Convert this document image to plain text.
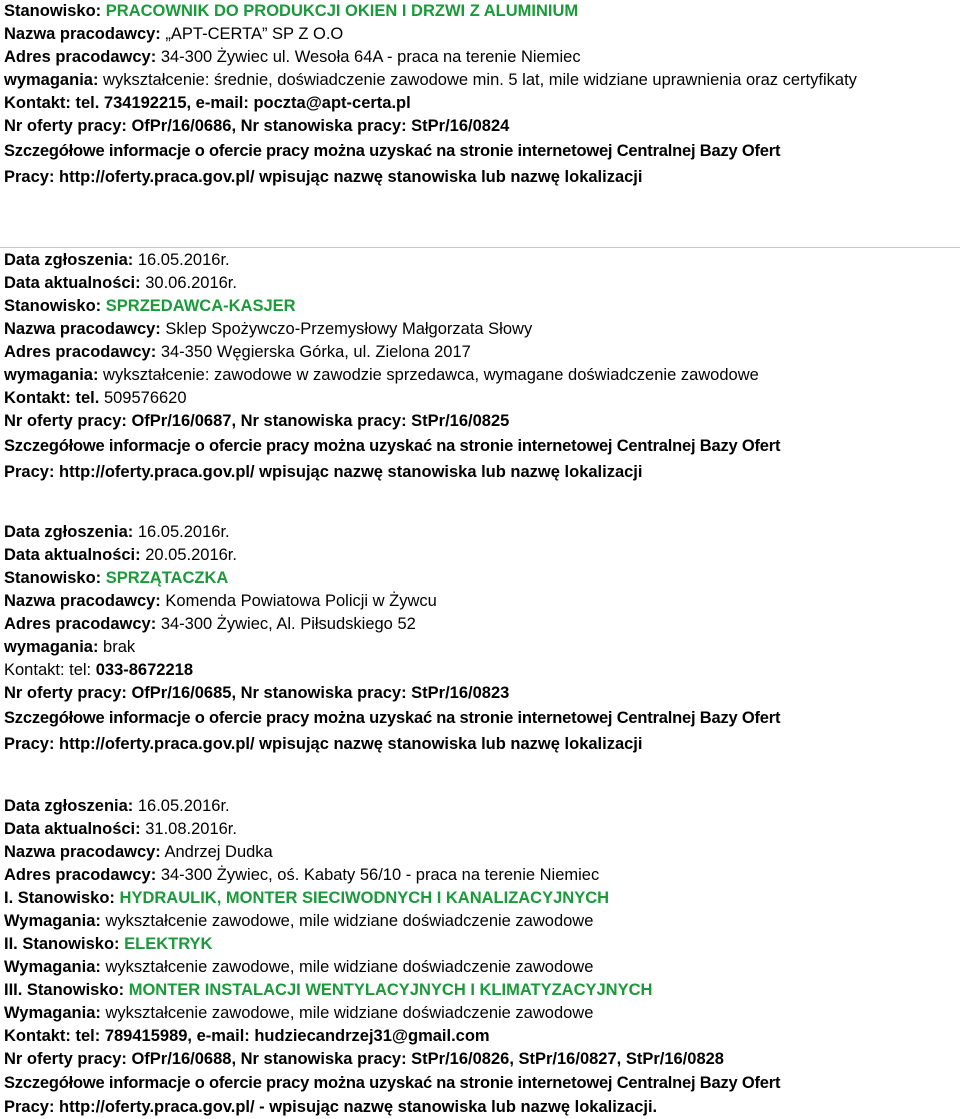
Stanowisko: PRACOWNIK DO PRODUKCJI OKIEN I DRZWI Z ALUMINIUM
Nazwa pracodawcy: „APT-CERTA” SP Z O.O
Adres pracodawcy: 34-300 Żywiec ul. Wesoła 64A - praca na terenie Niemiec
wymagania: wykształcenie: średnie, doświadczenie zawodowe min. 5 lat, mile widziane uprawnienia oraz certyfikaty
Kontakt: tel. 734192215, e-mail: poczta@apt-certa.pl
Nr oferty pracy: OfPr/16/0686, Nr stanowiska pracy: StPr/16/0824
Szczegółowe informacje o ofercie pracy można uzyskać na stronie internetowej Centralnej Bazy Ofert
Pracy: http://oferty.praca.gov.pl/ wpisując nazwę stanowiska lub nazwę lokalizacji
Data zgłoszenia: 16.05.2016r.
Data aktualności: 30.06.2016r.
Stanowisko: SPRZEDAWCA-KASJER
Nazwa pracodawcy: Sklep Spożywczo-Przemysłowy Małgorzata Słowy
Adres pracodawcy: 34-350 Węgierska Górka, ul. Zielona 2017
wymagania: wykształcenie: zawodowe w zawodzie sprzedawca, wymagane doświadczenie zawodowe
Kontakt: tel. 509576620
Nr oferty pracy: OfPr/16/0687, Nr stanowiska pracy: StPr/16/0825
Szczegółowe informacje o ofercie pracy można uzyskać na stronie internetowej Centralnej Bazy Ofert
Pracy: http://oferty.praca.gov.pl/ wpisując nazwę stanowiska lub nazwę lokalizacji
Data zgłoszenia: 16.05.2016r.
Data aktualności: 20.05.2016r.
Stanowisko: SPRZĄTACZKA
Nazwa pracodawcy: Komenda Powiatowa Policji w Żywcu
Adres pracodawcy: 34-300 Żywiec, Al. Piłsudskiego 52
wymagania: brak
Kontakt: tel: 033-8672218
Nr oferty pracy: OfPr/16/0685, Nr stanowiska pracy: StPr/16/0823
Szczegółowe informacje o ofercie pracy można uzyskać na stronie internetowej Centralnej Bazy Ofert
Pracy: http://oferty.praca.gov.pl/ wpisując nazwę stanowiska lub nazwę lokalizacji
Data zgłoszenia: 16.05.2016r.
Data aktualności: 31.08.2016r.
Nazwa pracodawcy: Andrzej Dudka
Adres pracodawcy: 34-300 Żywiec, oś. Kabaty 56/10 - praca na terenie Niemiec
I. Stanowisko: HYDRAULIK, MONTER SIECIWODNYCH I KANALIZACYJNYCH
Wymagania: wykształcenie zawodowe, mile widziane doświadczenie zawodowe
II. Stanowisko: ELEKTRYK
Wymagania: wykształcenie zawodowe, mile widziane doświadczenie zawodowe
III. Stanowisko: MONTER INSTALACJI WENTYLACYJNYCH I KLIMATYZACYJNYCH
Wymagania: wykształcenie zawodowe, mile widziane doświadczenie zawodowe
Kontakt: tel: 789415989, e-mail: hudziecandrzej31@gmail.com
Nr oferty pracy: OfPr/16/0688, Nr stanowiska pracy: StPr/16/0826, StPr/16/0827, StPr/16/0828
Szczegółowe informacje o ofercie pracy można uzyskać na stronie internetowej Centralnej Bazy Ofert
Pracy: http://oferty.praca.gov.pl/ - wpisując nazwę stanowiska lub nazwę lokalizacji.
